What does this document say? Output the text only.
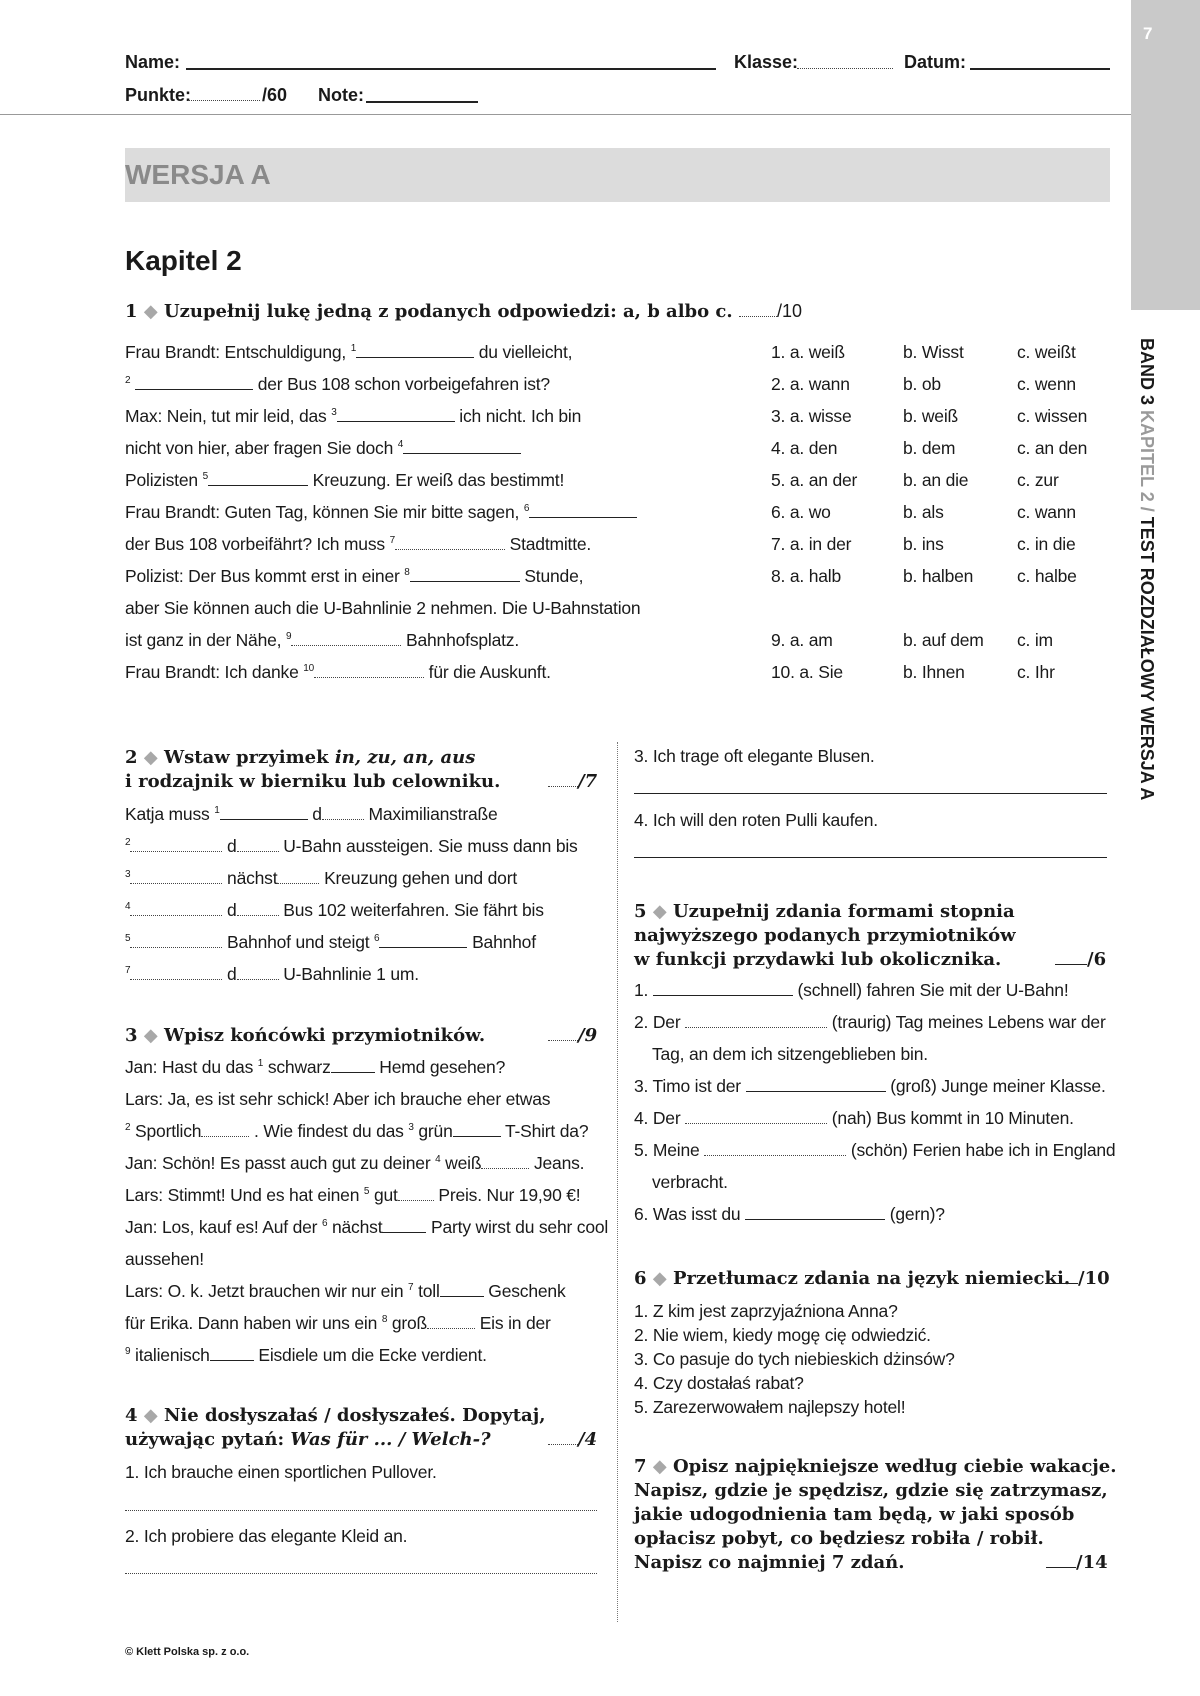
7
BAND 3 KAPITEL 2 / TEST ROZDZIAŁOWY WERSJA A
Name:	Klasse:	Datum:
Punkte:	/60 Note:
WERSJA A
Kapitel 2
1 ◆ Uzupełnij lukę jedną z podanych odpowiedzi: a, b albo c. /10
Frau Brandt: Entschuldigung, $^1$	du vielleicht,
$^2$	der Bus 108 schon vorbeigefahren ist?
Max: Nein, tut mir leid, das $^3$	ich nicht. Ich bin
nicht von hier, aber fragen Sie doch $^4$
Polizisten $^5$	Kreuzung. Er weiß das bestimmt!
Frau Brandt: Guten Tag, können Sie mir bitte sagen, $^6$
der Bus 108 vorbeifährt? Ich muss $^7$	Stadtmitte.
Polizist: Der Bus kommt erst in einer $^8$	Stunde,
aber Sie können auch die U-Bahnlinie 2 nehmen. Die U-Bahnstation
ist ganz in der Nähe, $^9$	Bahnhofsplatz.
Frau Brandt: Ich danke $^{10}$	für die Auskunft.
1. a. weiß	b. Wisst	c. weißt
2. a. wann	b. ob	c. wenn
3. a. wisse	b. weiß	c. wissen
4. a. den	b. dem	c. an den
5. a. an der	b. an die	c. zur
6. a. wo	b. als	c. wann
7. a. in der	b. ins	c. in die
8. a. halb	b. halben	c. halbe
9. a. am	b. auf dem c. im
10. a. Sie	b. Ihnen	c. Ihr
2 ◆ Wstaw przyimek in, zu, an, aus
i rodzajnik w bierniku lub celowniku.	/7
Katja muss $^1$	d Maximilianstraße
$^2$	d U-Bahn aussteigen. Sie muss dann bis
$^3$	nächst Kreuzung gehen und dort
$^4$	d Bus 102 weiterfahren. Sie fährt bis
$^5$	Bahnhof und steigt $^6$	Bahnhof
$^7$	d U-Bahnlinie 1 um.
3 ◆ Wpisz końcówki przymiotników.	/9
Jan: Hast du das $^1$ schwarz	Hemd gesehen?
Lars: Ja, es ist sehr schick! Aber ich brauche eher etwas
$^2$ Sportlich	. Wie findest du das $^3$ grün	T-Shirt da?
Jan: Schön! Es passt auch gut zu deiner $^4$ weiß	Jeans.
Lars: Stimmt! Und es hat einen $^5$ gut Preis. Nur 19,90 €!
Jan: Los, kauf es! Auf der $^6$ nächst	Party wirst du sehr cool
aussehen!
Lars: O. k. Jetzt brauchen wir nur ein $^7$ toll	Geschenk
für Erika. Dann haben wir uns ein $^8$ groß	Eis in der
$^9$ italienisch	Eisdiele um die Ecke verdient.
4 ◆ Nie dosłyszałaś / dosłyszałeś. Dopytaj,
używając pytań: Was für ... / Welch-?	/4
1. Ich brauche einen sportlichen Pullover.
2. Ich probiere das elegante Kleid an.
3. Ich trage oft elegante Blusen.
4. Ich will den roten Pulli kaufen.
5 ◆ Uzupełnij zdania formami stopnia
najwyższego podanych przymiotników
w funkcji przydawki lub okolicznika.	/6
1.	(schnell) fahren Sie mit der U-Bahn!
2. Der	(traurig) Tag meines Lebens war der
Tag, an dem ich sitzengeblieben bin.
3. Timo ist der	(groß) Junge meiner Klasse.
4. Der	(nah) Bus kommt in 10 Minuten.
5. Meine	(schön) Ferien habe ich in England
verbracht.
6. Was isst du	(gern)?
6 ◆ Przetłumacz zdania na język niemiecki. /10
1. Z kim jest zaprzyjaźniona Anna?
2. Nie wiem, kiedy mogę cię odwiedzić.
3. Co pasuje do tych niebieskich dżinsów?
4. Czy dostałaś rabat?
5. Zarezerwowałem najlepszy hotel!
7 ◆ Opisz najpiękniejsze według ciebie wakacje.
Napisz, gdzie je spędzisz, gdzie się zatrzymasz,
jakie udogodnienia tam będą, w jaki sposób
opłacisz pobyt, co będziesz robiła / robił.
Napisz co najmniej 7 zdań.	/14
© Klett Polska sp. z o.o.
